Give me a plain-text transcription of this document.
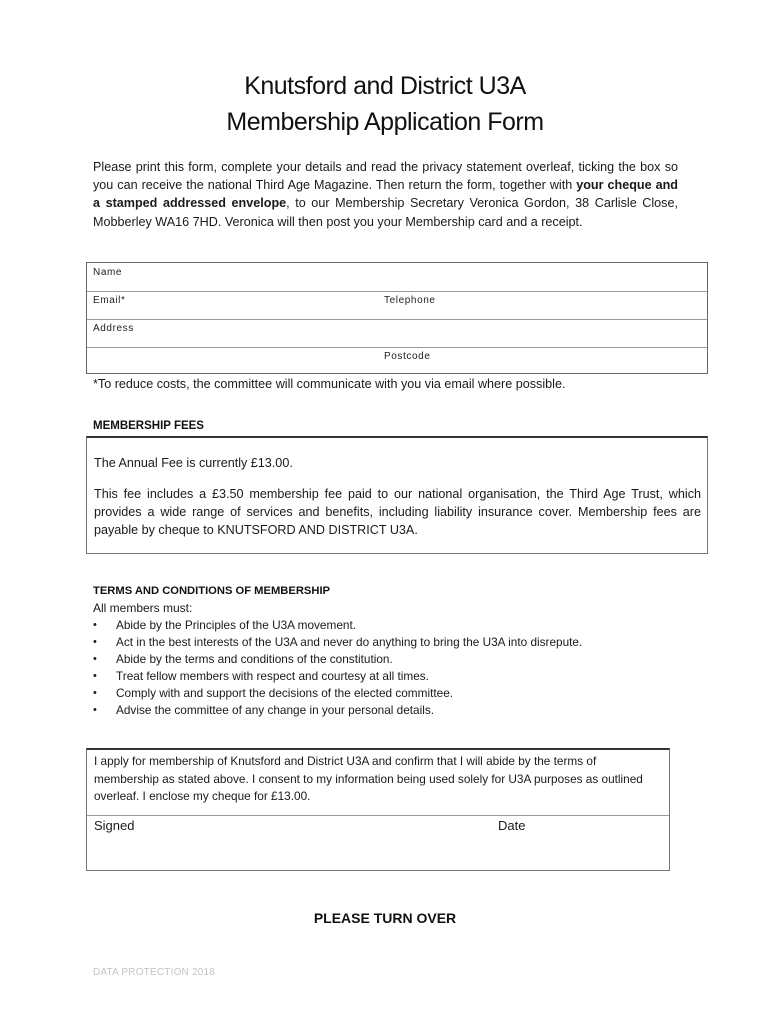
Knutsford and District U3A
Membership Application Form
Please print this form, complete your details and read the privacy statement overleaf, ticking the box so you can receive the national Third Age Magazine. Then return the form, together with your cheque and a stamped addressed envelope, to our Membership Secretary Veronica Gordon, 38 Carlisle Close, Mobberley WA16 7HD. Veronica will then post you your Membership card and a receipt.
Name
Email*	Telephone
Address
Postcode
*To reduce costs, the committee will communicate with you via email where possible.
MEMBERSHIP FEES
The Annual Fee is currently £13.00.
This fee includes a £3.50 membership fee paid to our national organisation, the Third Age Trust, which provides a wide range of services and benefits, including liability insurance cover. Membership fees are payable by cheque to KNUTSFORD AND DISTRICT U3A.
TERMS AND CONDITIONS OF MEMBERSHIP
All members must:
• Abide by the Principles of the U3A movement.
• Act in the best interests of the U3A and never do anything to bring the U3A into disrepute.
• Abide by the terms and conditions of the constitution.
• Treat fellow members with respect and courtesy at all times.
• Comply with and support the decisions of the elected committee.
• Advise the committee of any change in your personal details.
I apply for membership of Knutsford and District U3A and confirm that I will abide by the terms of membership as stated above. I consent to my information being used solely for U3A purposes as outlined overleaf. I enclose my cheque for £13.00.
Signed	Date
PLEASE TURN OVER
DATA PROTECTION 2018
